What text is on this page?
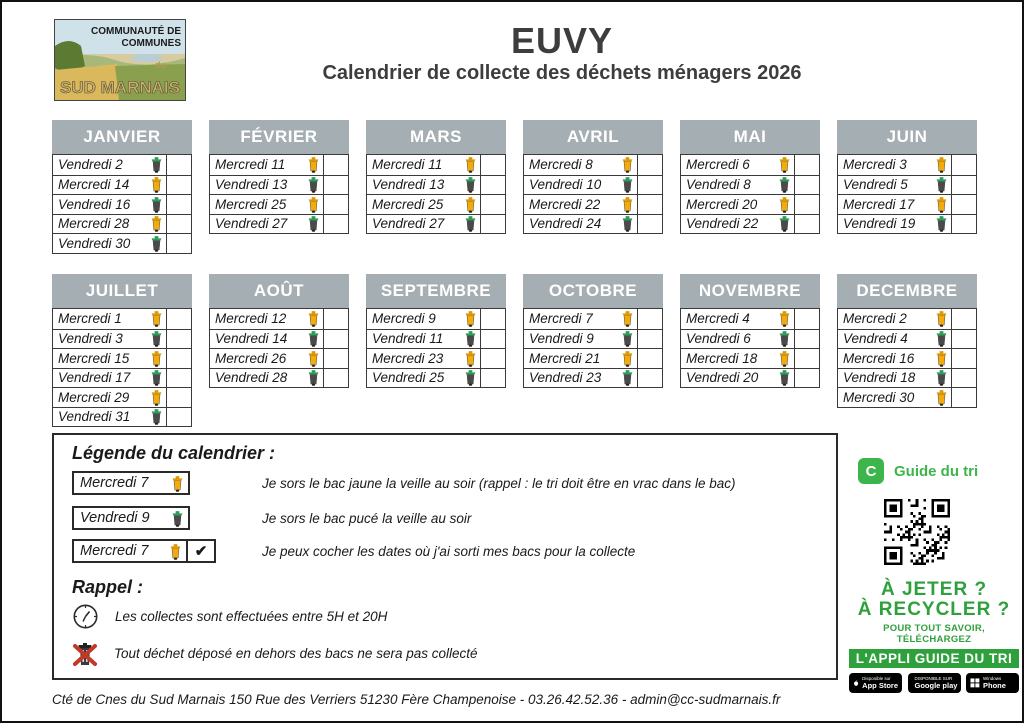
COMMUNAUTÉ DE
COMMUNES
du
SUD MARNAIS
EUVY
Calendrier de collecte des déchets ménagers 2026
JANVIER
Vendredi 2
Mercredi 14
Vendredi 16
Mercredi 28
Vendredi 30
FÉVRIER
Mercredi 11
Vendredi 13
Mercredi 25
Vendredi 27
MARS
Mercredi 11
Vendredi 13
Mercredi 25
Vendredi 27
AVRIL
Mercredi 8
Vendredi 10
Mercredi 22
Vendredi 24
MAI
Mercredi 6
Vendredi 8
Mercredi 20
Vendredi 22
JUIN
Mercredi 3
Vendredi 5
Mercredi 17
Vendredi 19
JUILLET
Mercredi 1
Vendredi 3
Mercredi 15
Vendredi 17
Mercredi 29
Vendredi 31
AOÛT
Mercredi 12
Vendredi 14
Mercredi 26
Vendredi 28
SEPTEMBRE
Mercredi 9
Vendredi 11
Mercredi 23
Vendredi 25
OCTOBRE
Mercredi 7
Vendredi 9
Mercredi 21
Vendredi 23
NOVEMBRE
Mercredi 4
Vendredi 6
Mercredi 18
Vendredi 20
DECEMBRE
Mercredi 2
Vendredi 4
Mercredi 16
Vendredi 18
Mercredi 30
Légende du calendrier :
Mercredi 7	Je sors le bac jaune la veille au soir (rappel : le tri doit être en vrac dans le bac)
Vendredi 9	Je sors le bac pucé la veille au soir
Mercredi 7	✔	Je peux cocher les dates où j'ai sorti mes bacs pour la collecte
Rappel :
Les collectes sont effectuées entre 5H et 20H
Tout déchet déposé en dehors des bacs ne sera pas collecté
C	Guide du tri
À JETER ?
À RECYCLER ?
POUR TOUT SAVOIR, TÉLÉCHARGEZ
L'APPLI GUIDE DU TRI
Disponible sur
App Store
DISPONIBLE SUR
Google play
Windows
Phone
Cté de Cnes du Sud Marnais 150 Rue des Verriers 51230 Fère Champenoise - 03.26.42.52.36 - admin@cc-sudmarnais.fr
